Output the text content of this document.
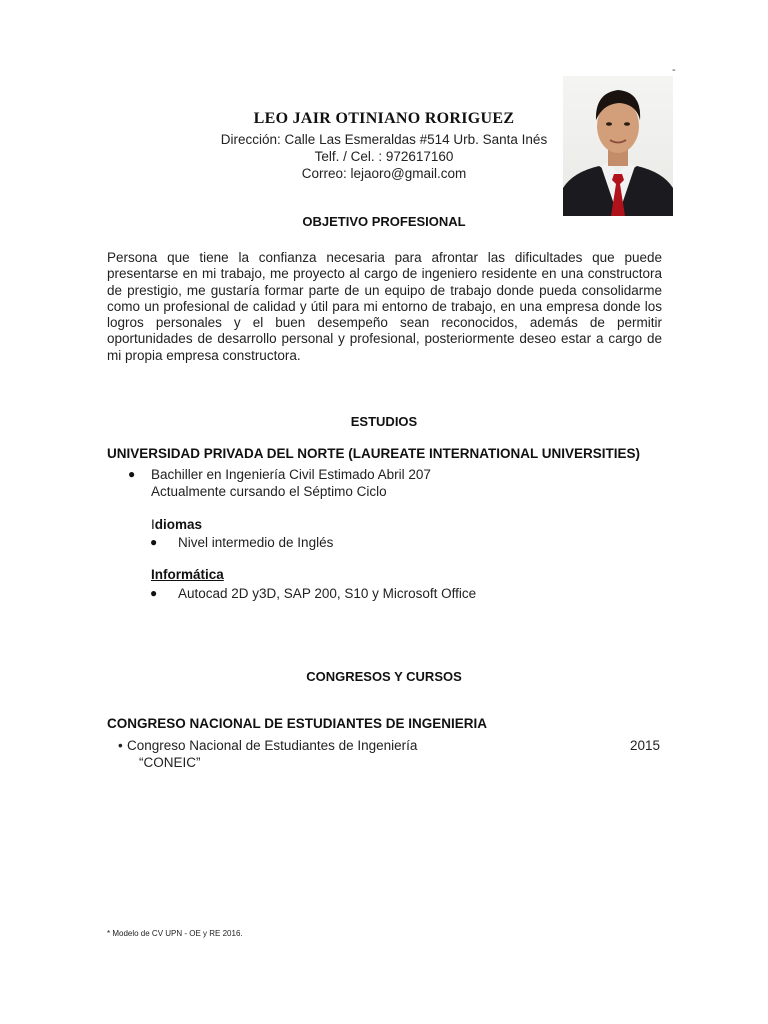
-
LEO JAIR OTINIANO RORIGUEZ
Dirección: Calle Las Esmeraldas #514 Urb. Santa Inés
Telf. / Cel. : 972617160
Correo: lejaoro@gmail.com
OBJETIVO PROFESIONAL
Persona que tiene la confianza necesaria para afrontar las dificultades que puede presentarse en mi trabajo, me proyecto al cargo de ingeniero residente en una constructora de prestigio, me gustaría formar parte de un equipo de trabajo donde pueda consolidarme como un profesional de calidad y útil para mi entorno de trabajo, en una empresa donde los logros personales y el buen desempeño sean reconocidos, además de permitir oportunidades de desarrollo personal y profesional, posteriormente deseo estar a cargo de mi propia empresa constructora.
ESTUDIOS
UNIVERSIDAD PRIVADA DEL NORTE (LAUREATE INTERNATIONAL UNIVERSITIES)
● Bachiller en Ingeniería Civil Estimado Abril 207
Actualmente cursando el Séptimo Ciclo
Idiomas
● Nivel intermedio de Inglés
Informática
● Autocad 2D y3D, SAP 200, S10 y Microsoft Office
CONGRESOS Y CURSOS
CONGRESO NACIONAL DE ESTUDIANTES DE INGENIERIA
• Congreso Nacional de Estudiantes de Ingeniería
“CONEIC”
2015
* Modelo de CV UPN - OE y RE 2016.
